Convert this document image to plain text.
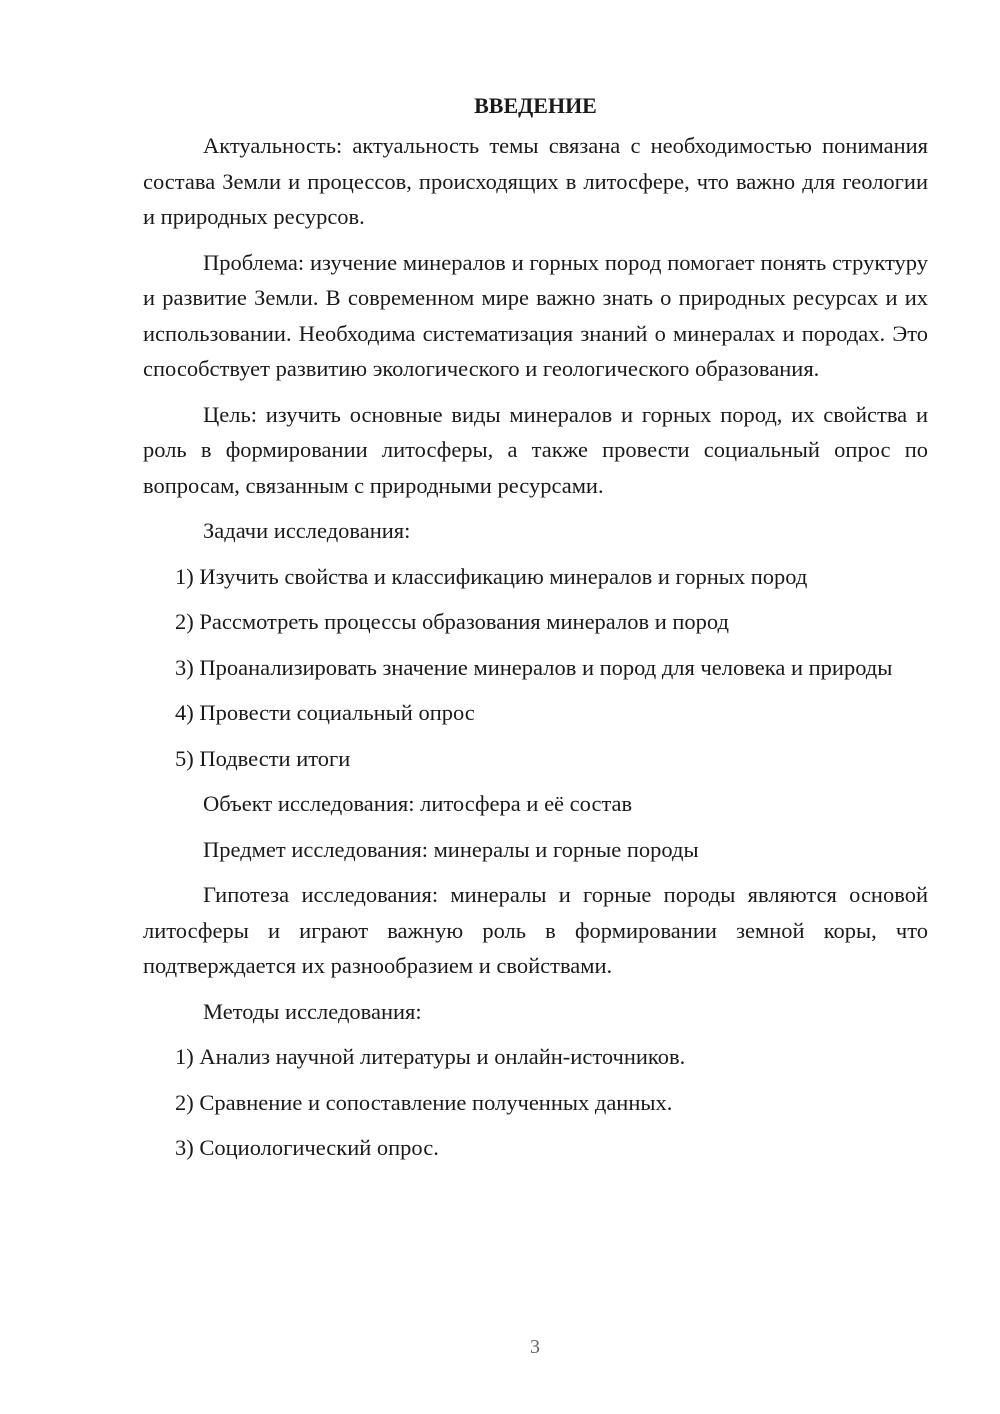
ВВЕДЕНИЕ

Актуальность: актуальность темы связана с необходимостью понимания состава Земли и процессов, происходящих в литосфере, что важно для геологии и природных ресурсов.

Проблема: изучение минералов и горных пород помогает понять структуру и развитие Земли. В современном мире важно знать о природных ресурсах и их использовании. Необходима систематизация знаний о минералах и породах. Это способствует развитию экологического и геологического образования.

Цель: изучить основные виды минералов и горных пород, их свойства и роль в формировании литосферы, а также провести социальный опрос по вопросам, связанным с природными ресурсами.

Задачи исследования:

1) Изучить свойства и классификацию минералов и горных пород

2) Рассмотреть процессы образования минералов и пород

3) Проанализировать значение минералов и пород для человека и природы

4) Провести социальный опрос

5) Подвести итоги

Объект исследования: литосфера и её состав

Предмет исследования: минералы и горные породы

Гипотеза исследования: минералы и горные породы являются основой литосферы и играют важную роль в формировании земной коры, что подтверждается их разнообразием и свойствами.

Методы исследования:

1) Анализ научной литературы и онлайн-источников.

2) Сравнение и сопоставление полученных данных.

3) Социологический опрос.

3
